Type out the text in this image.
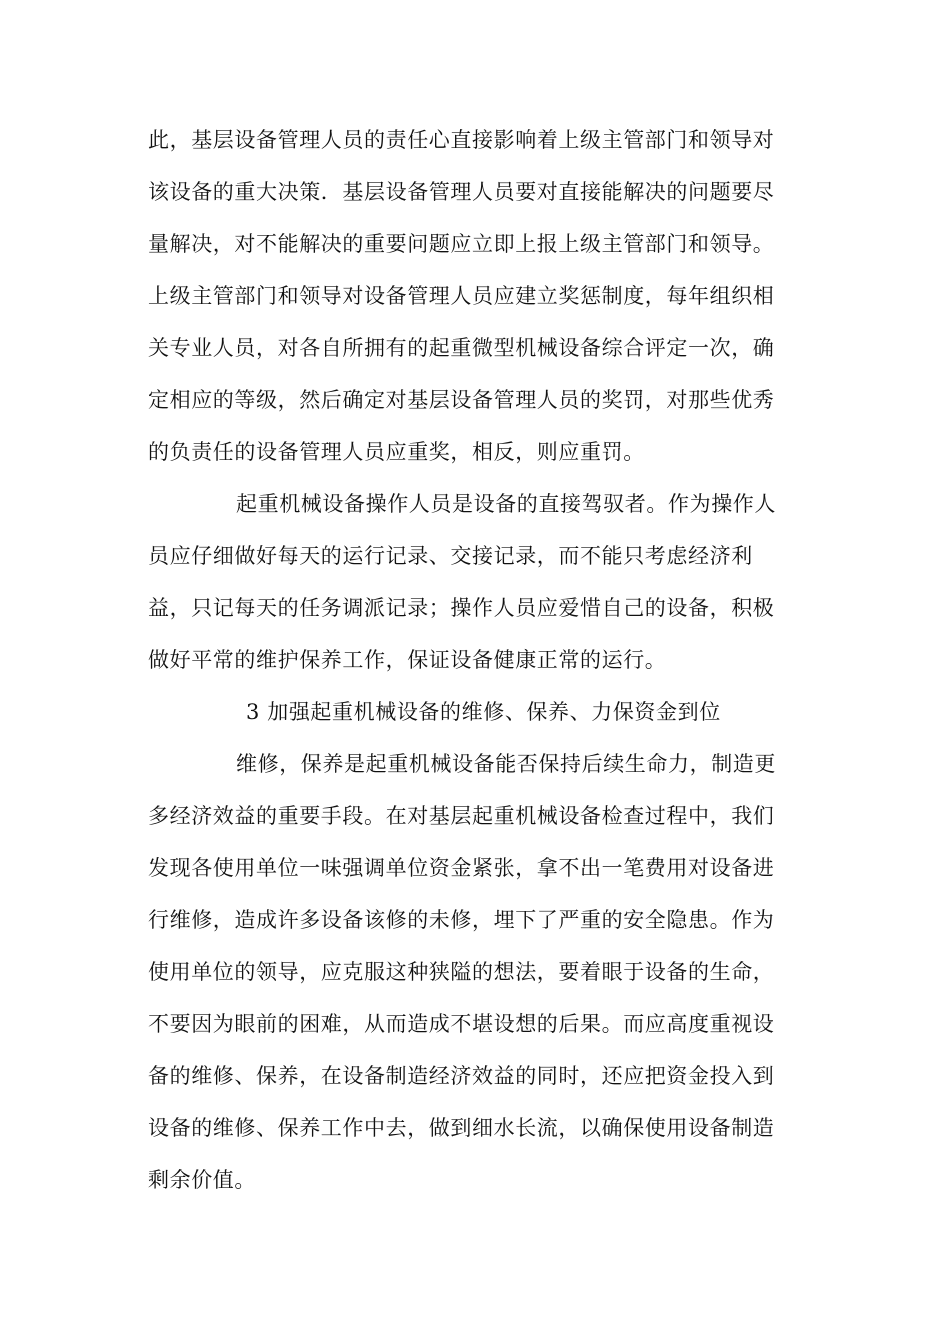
此，基层设备管理人员的责任心直接影响着上级主管部门和领导对
该设备的重大决策．基层设备管理人员要对直接能解决的问题要尽
量解决，对不能解决的重要问题应立即上报上级主管部门和领导。
上级主管部门和领导对设备管理人员应建立奖惩制度，每年组织相
关专业人员，对各自所拥有的起重微型机械设备综合评定一次，确
定相应的等级，然后确定对基层设备管理人员的奖罚，对那些优秀
的负责任的设备管理人员应重奖，相反，则应重罚。
起重机械设备操作人员是设备的直接驾驭者。作为操作人
员应仔细做好每天的运行记录、交接记录，而不能只考虑经济利
益，只记每天的任务调派记录；操作人员应爱惜自己的设备，积极
做好平常的维护保养工作，保证设备健康正常的运行。
3 加强起重机械设备的维修、保养、力保资金到位
维修，保养是起重机械设备能否保持后续生命力，制造更
多经济效益的重要手段。在对基层起重机械设备检查过程中，我们
发现各使用单位一味强调单位资金紧张，拿不出一笔费用对设备进
行维修，造成许多设备该修的未修，埋下了严重的安全隐患。作为
使用单位的领导，应克服这种狭隘的想法，要着眼于设备的生命，
不要因为眼前的困难，从而造成不堪设想的后果。而应高度重视设
备的维修、保养，在设备制造经济效益的同时，还应把资金投入到
设备的维修、保养工作中去，做到细水长流，以确保使用设备制造
剩余价值。
